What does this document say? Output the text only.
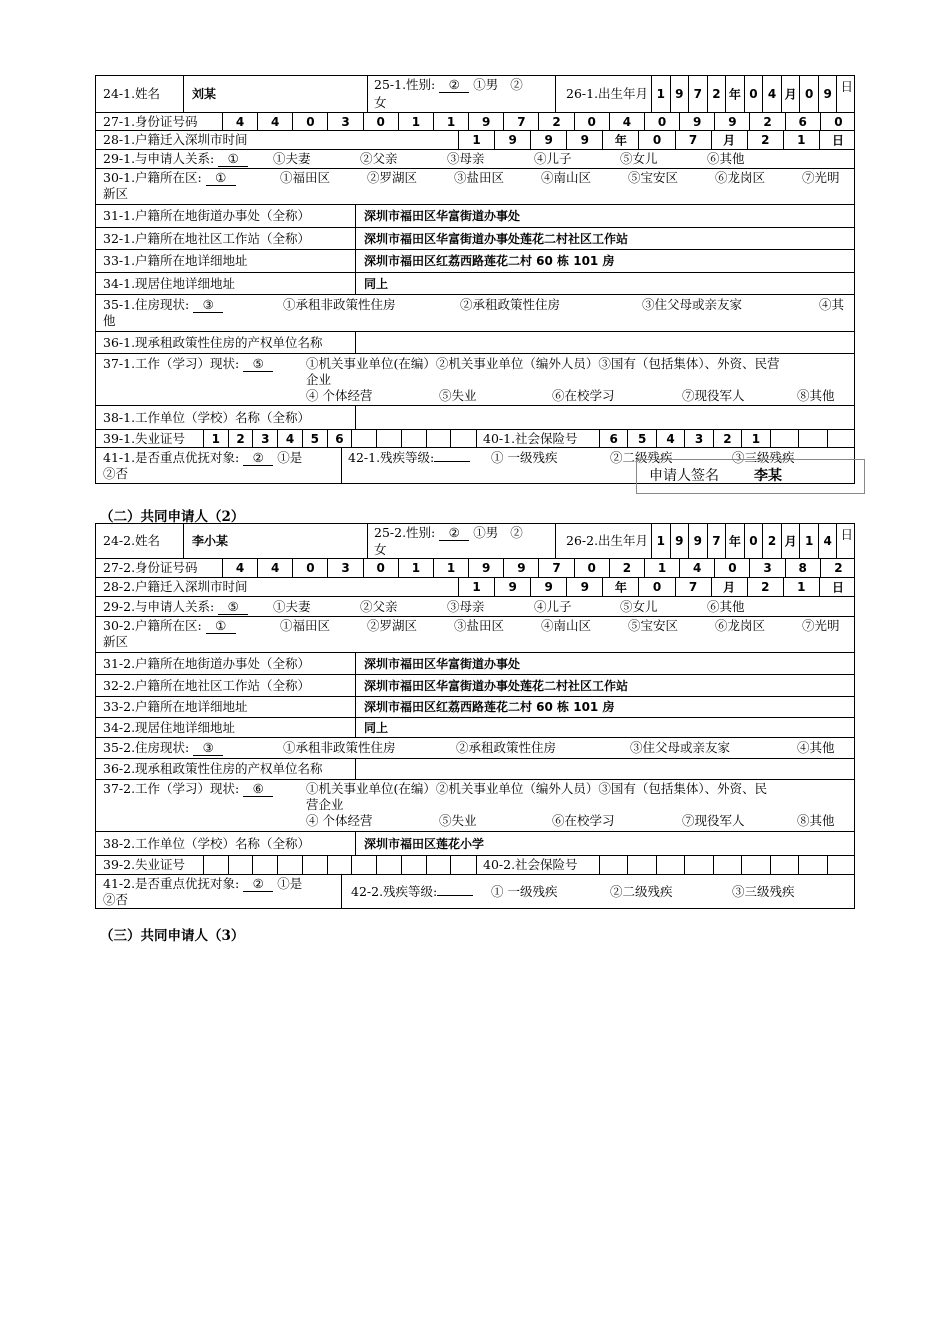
24-1.姓名	刘某
25-1.性别: ② ①男 ②
女
26-1.出生年月 1 9 7 2 年 0 4 月 0 9 日
27-1.身份证号码	4	4	0	3	0	1	1	9	7	2	0	4	0	9	9	2	6	0
28-1.户籍迁入深圳市时间	1	9	9	9	年	0	7	月	2	1	日
29-1.与申请人关系: ①	①夫妻	②父亲	③母亲	④儿子	⑤女儿	⑥其他
30-1.户籍所在区: ①	①福田区	②罗湖区	③盐田区	④南山区	⑤宝安区	⑥龙岗区	⑦光明
新区
31-1.户籍所在地街道办事处（全称）	深圳市福田区华富街道办事处
32-1.户籍所在地社区工作站（全称）	深圳市福田区华富街道办事处莲花二村社区工作站
33-1.户籍所在地详细地址	深圳市福田区红荔西路莲花二村 60 栋 101 房
34-1.现居住地详细地址	同上
35-1.住房现状: ③	①承租非政策性住房	②承租政策性住房	③住父母或亲友家	④其
他
36-1.现承租政策性住房的产权单位名称
37-1.工作（学习）现状: ⑤	①机关事业单位(在编）②机关事业单位（编外人员）③国有（包括集体）、外资、民营
企业
④ 个体经营	⑤失业	⑥在校学习	⑦现役军人	⑧其他
38-1.工作单位（学校）名称（全称）
39-1.失业证号	1	2	3	4	5	6	40-1.社会保险号	6	5	4	3	2	1
41-1.是否重点优抚对象: ② ①是
②否
42-1.残疾等级:	① 一级残疾	②二级残疾	③三级残疾
申请人签名	李某
（二）共同申请人（2）
24-2.姓名	李小某
25-2.性别: ② ①男 ②
女
26-2.出生年月 1 9 9 7 年 0 2 月 1 4 日
27-2.身份证号码	4	4	0	3	0	1	1	9	9	7	0	2	1	4	0	3	8	2
28-2.户籍迁入深圳市时间	1	9	9	9	年	0	7	月	2	1	日
29-2.与申请人关系: ⑤	①夫妻	②父亲	③母亲	④儿子	⑤女儿	⑥其他
30-2.户籍所在区: ①	①福田区	②罗湖区	③盐田区	④南山区	⑤宝安区	⑥龙岗区	⑦光明
新区
31-2.户籍所在地街道办事处（全称）	深圳市福田区华富街道办事处
32-2.户籍所在地社区工作站（全称）	深圳市福田区华富街道办事处莲花二村社区工作站
33-2.户籍所在地详细地址	深圳市福田区红荔西路莲花二村 60 栋 101 房
34-2.现居住地详细地址	同上
35-2.住房现状: ③	①承租非政策性住房	②承租政策性住房	③住父母或亲友家	④其他
36-2.现承租政策性住房的产权单位名称
37-2.工作（学习）现状: ⑥	①机关事业单位(在编）②机关事业单位（编外人员）③国有（包括集体）、外资、民
营企业
④ 个体经营	⑤失业	⑥在校学习	⑦现役军人	⑧其他
38-2.工作单位（学校）名称（全称）	深圳市福田区莲花小学
39-2.失业证号	40-2.社会保险号
41-2.是否重点优抚对象: ② ①是
②否
42-2.残疾等级:	① 一级残疾	②二级残疾	③三级残疾
（三）共同申请人（3）
